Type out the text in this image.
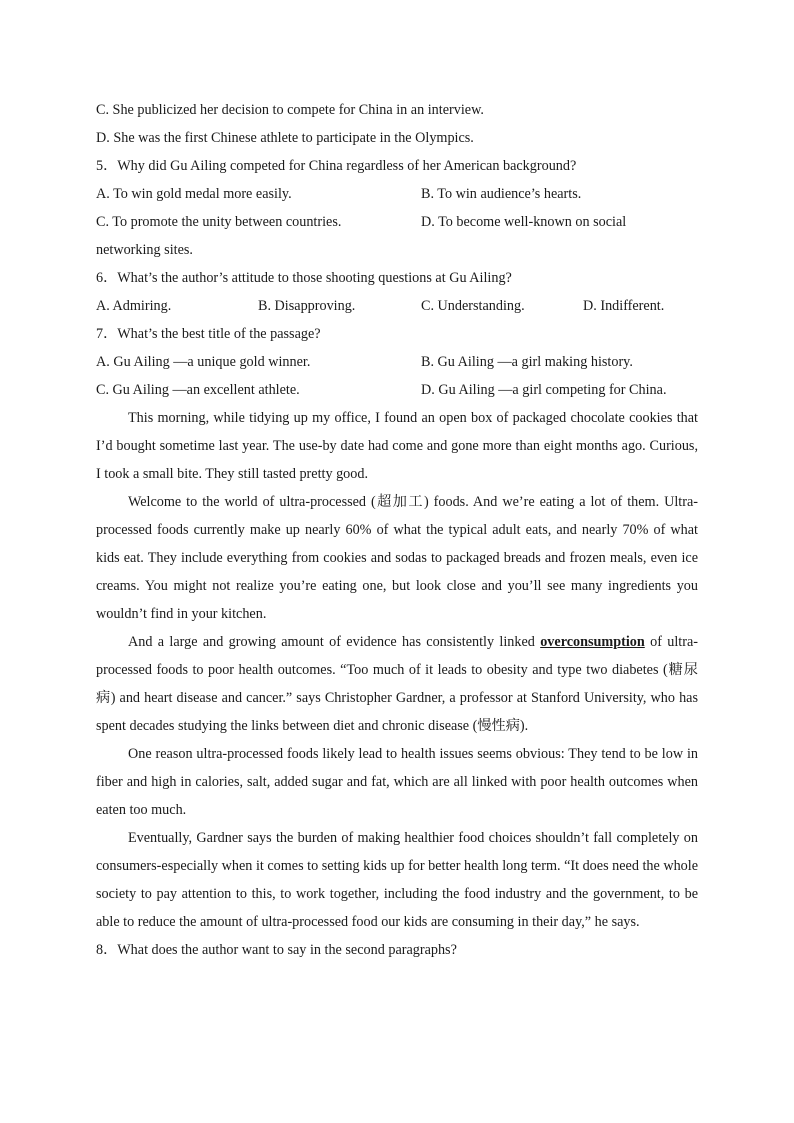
C. She publicized her decision to compete for China in an interview.
D. She was the first Chinese athlete to participate in the Olympics.
5．Why did Gu Ailing competed for China regardless of her American background?
A. To win gold medal more easily.	B. To win audience’s hearts.
C. To promote the unity between countries.	D. To become well-known on social
networking sites.
6．What’s the author’s attitude to those shooting questions at Gu Ailing?
A. Admiring.	B. Disapproving.	C. Understanding.	D. Indifferent.
7．What’s the best title of the passage?
A. Gu Ailing —a unique gold winner.	B. Gu Ailing —a girl making history.
C. Gu Ailing —an excellent athlete.	D. Gu Ailing —a girl competing for China.

This morning, while tidying up my office, I found an open box of packaged chocolate cookies that I’d bought sometime last year. The use-by date had come and gone more than eight months ago. Curious, I took a small bite. They still tasted pretty good.

Welcome to the world of ultra-processed (超加工) foods. And we’re eating a lot of them. Ultra-processed foods currently make up nearly 60% of what the typical adult eats, and nearly 70% of what kids eat. They include everything from cookies and sodas to packaged breads and frozen meals, even ice creams. You might not realize you’re eating one, but look close and you’ll see many ingredients you wouldn’t find in your kitchen.

And a large and growing amount of evidence has consistently linked overconsumption of ultra-processed foods to poor health outcomes. “Too much of it leads to obesity and type two diabetes (糖尿病) and heart disease and cancer.” says Christopher Gardner, a professor at Stanford University, who has spent decades studying the links between diet and chronic disease (慢性病).

One reason ultra-processed foods likely lead to health issues seems obvious: They tend to be low in fiber and high in calories, salt, added sugar and fat, which are all linked with poor health outcomes when eaten too much.

Eventually, Gardner says the burden of making healthier food choices shouldn’t fall completely on consumers-especially when it comes to setting kids up for better health long term. “It does need the whole society to pay attention to this, to work together, including the food industry and the government, to be able to reduce the amount of ultra-processed food our kids are consuming in their day,” he says.

8．What does the author want to say in the second paragraphs?
